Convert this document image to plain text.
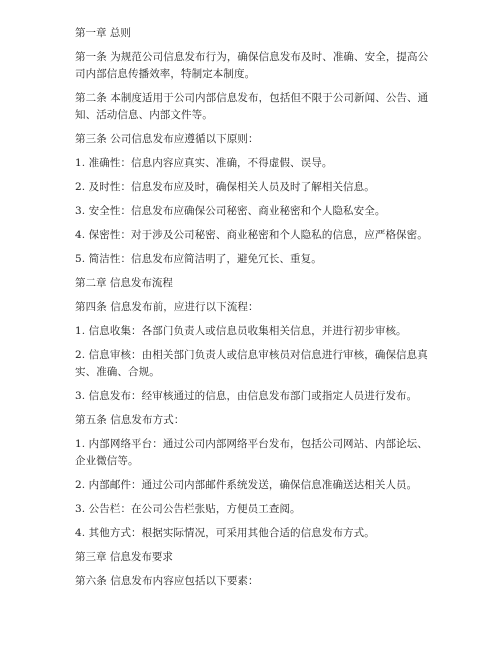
第一章 总则

第一条 为规范公司信息发布行为，确保信息发布及时、准确、安全，提高公司内部信息传播效率，特制定本制度。

第二条 本制度适用于公司内部信息发布，包括但不限于公司新闻、公告、通知、活动信息、内部文件等。

第三条 公司信息发布应遵循以下原则：

1. 准确性：信息内容应真实、准确，不得虚假、误导。

2. 及时性：信息发布应及时，确保相关人员及时了解相关信息。

3. 安全性：信息发布应确保公司秘密、商业秘密和个人隐私安全。

4. 保密性：对于涉及公司秘密、商业秘密和个人隐私的信息，应严格保密。

5. 简洁性：信息发布应简洁明了，避免冗长、重复。

第二章 信息发布流程

第四条 信息发布前，应进行以下流程：

1. 信息收集：各部门负责人或信息员收集相关信息，并进行初步审核。

2. 信息审核：由相关部门负责人或信息审核员对信息进行审核，确保信息真实、准确、合规。

3. 信息发布：经审核通过的信息，由信息发布部门或指定人员进行发布。

第五条 信息发布方式：

1. 内部网络平台：通过公司内部网络平台发布，包括公司网站、内部论坛、企业微信等。

2. 内部邮件：通过公司内部邮件系统发送，确保信息准确送达相关人员。

3. 公告栏：在公司公告栏张贴，方便员工查阅。

4. 其他方式：根据实际情况，可采用其他合适的信息发布方式。

第三章 信息发布要求

第六条 信息发布内容应包括以下要素：
